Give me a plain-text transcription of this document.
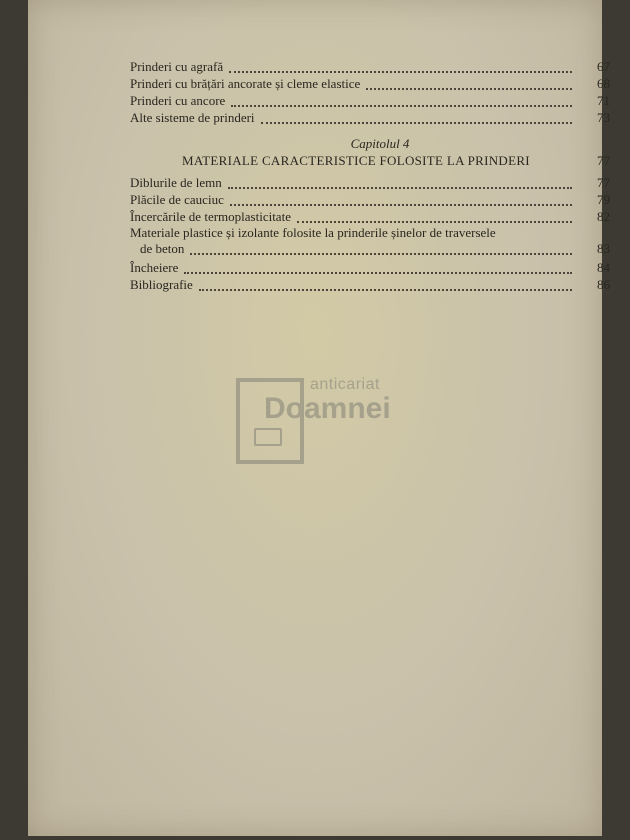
Prinderi cu agrafă	67
Prinderi cu brățări ancorate și cleme elastice	68
Prinderi cu ancore	71
Alte sisteme de prinderi	73
Capitolul 4
MATERIALE CARACTERISTICE FOLOSITE LA PRINDERI	77
Diblurile de lemn	77
Plăcile de cauciuc	79
Încercările de termoplasticitate	82
Materiale plastice și izolante folosite la prinderile șinelor de traversele
de beton	83
Încheiere	84
Bibliografie	86
anticariat
Doamnei
